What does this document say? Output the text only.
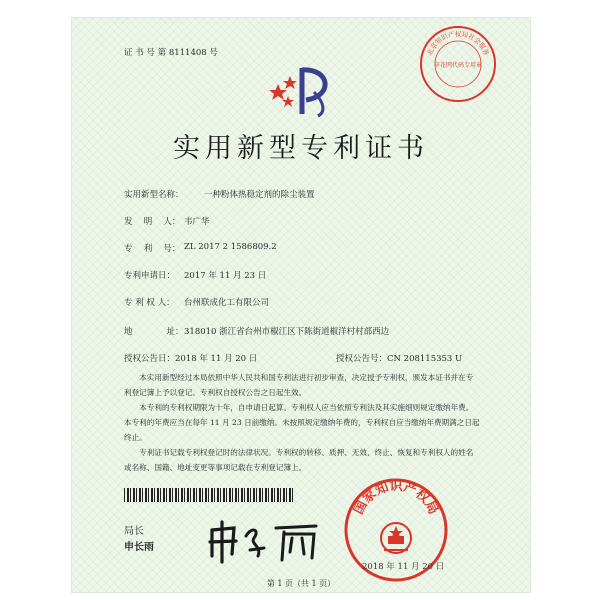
证 书 号 第 8111408 号	北京知识产权局社会服务
申花网代码专用章
实用新型专利证书
实用新型名称： 一种粉体热稳定剂的除尘装置
发　 明　 人： 韦广华
专　 利　 号： ZL 2017 2 1586809.2
专利申请日： 2017 年 11 月 23 日
专 利 权 人： 台州联成化工有限公司
地　　　　址： 318010 浙江省台州市椒江区下陈街道椒洋村村部西边
授权公告日：2018 年 11 月 20 日	授权公告号：CN 208115353 U

本实用新型经过本局依照中华人民共和国专利法进行初步审查，决定授予专利权，颁发本证书并在专利登记簿上予以登记。专利权自授权公告之日起生效。

本专利的专利权期限为十年，自申请日起算。专利权人应当依照专利法及其实施细则规定缴纳年费。本专利的年费应当在每年 11 月 23 日前缴纳。未按照规定缴纳年费的，专利权自应当缴纳年费期满之日起终止。

专利证书记载专利权登记时的法律状况。专利权的转移、质押、无效、终止、恢复和专利权人的姓名或名称、国籍、地址变更等事项记载在专利登记簿上。

局长
申长雨
国家知识产权局
2018 年 11 月 20 日
第 1 页（共 1 页）
